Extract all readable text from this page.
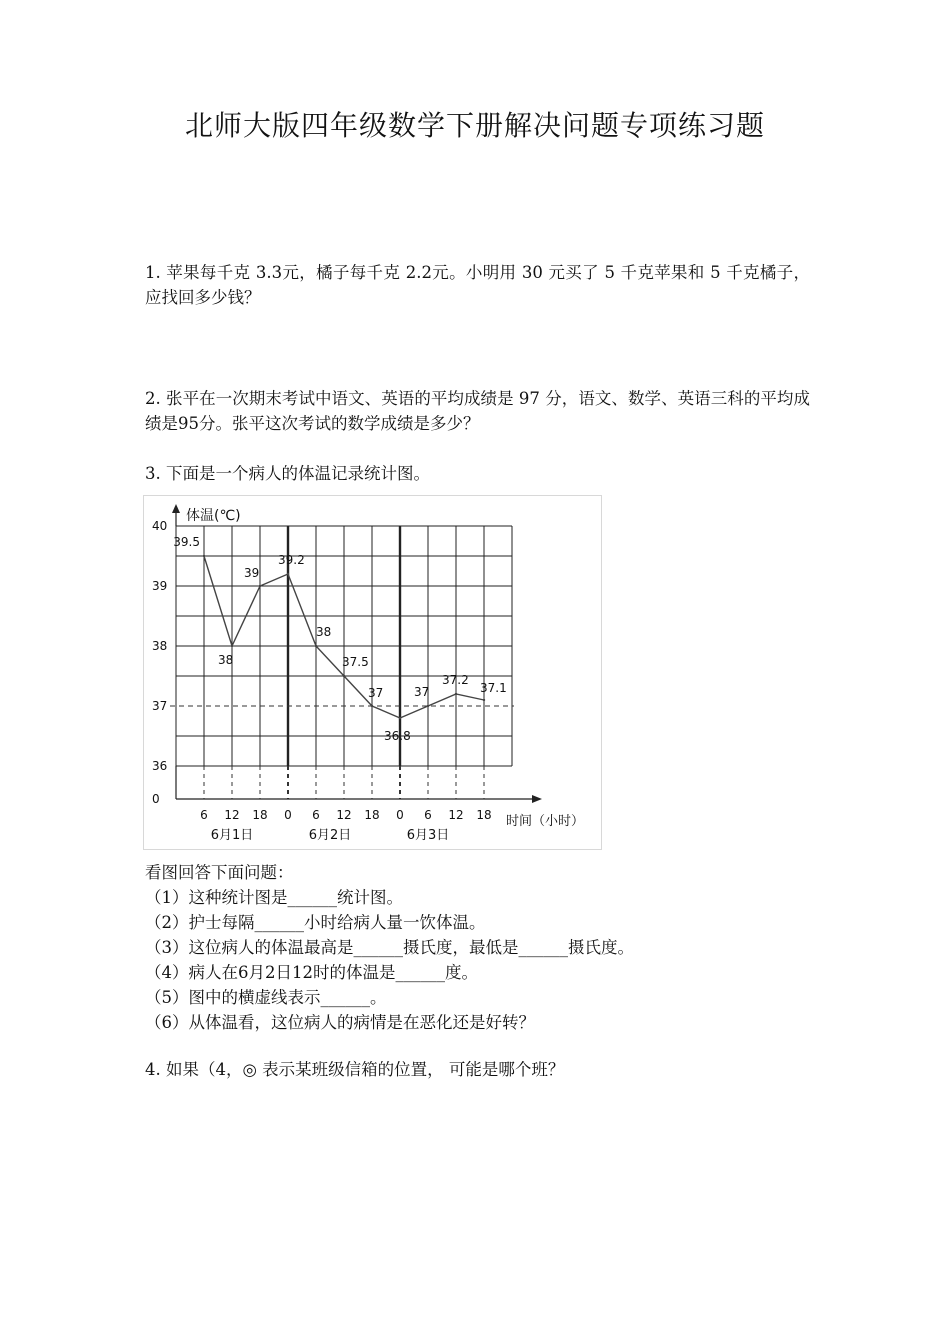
北师大版四年级数学下册解决问题专项练习题
1. 苹果每千克 3.3元，橘子每千克 2.2元。小明用 30 元买了 5 千克苹果和 5 千克橘子，应找回多少钱？
2. 张平在一次期末考试中语文、英语的平均成绩是 97 分，语文、数学、英语三科的平均成绩是95分。张平这次考试的数学成绩是多少？
3. 下面是一个病人的体温记录统计图。
40
39
38
37
36
0
体温(℃)
6 12 18 0 6 12 18 0 6 12 18
6月1日	6月2日	6月3日
时间（小时）
39.5
38
39
39.2
38
37.5
37
36.8
37
37.2
37.1
看图回答下面问题：
（1）这种统计图是______统计图。
（2）护士每隔______小时给病人量一饮体温。
（3）这位病人的体温最高是______摄氏度，最低是______摄氏度。
（4）病人在6月2日12时的体温是______度。
（5）图中的横虚线表示______。
（6）从体温看，这位病人的病情是在恶化还是好转？
4. 如果（4，◎ 表示某班级信箱的位置， 可能是哪个班？
